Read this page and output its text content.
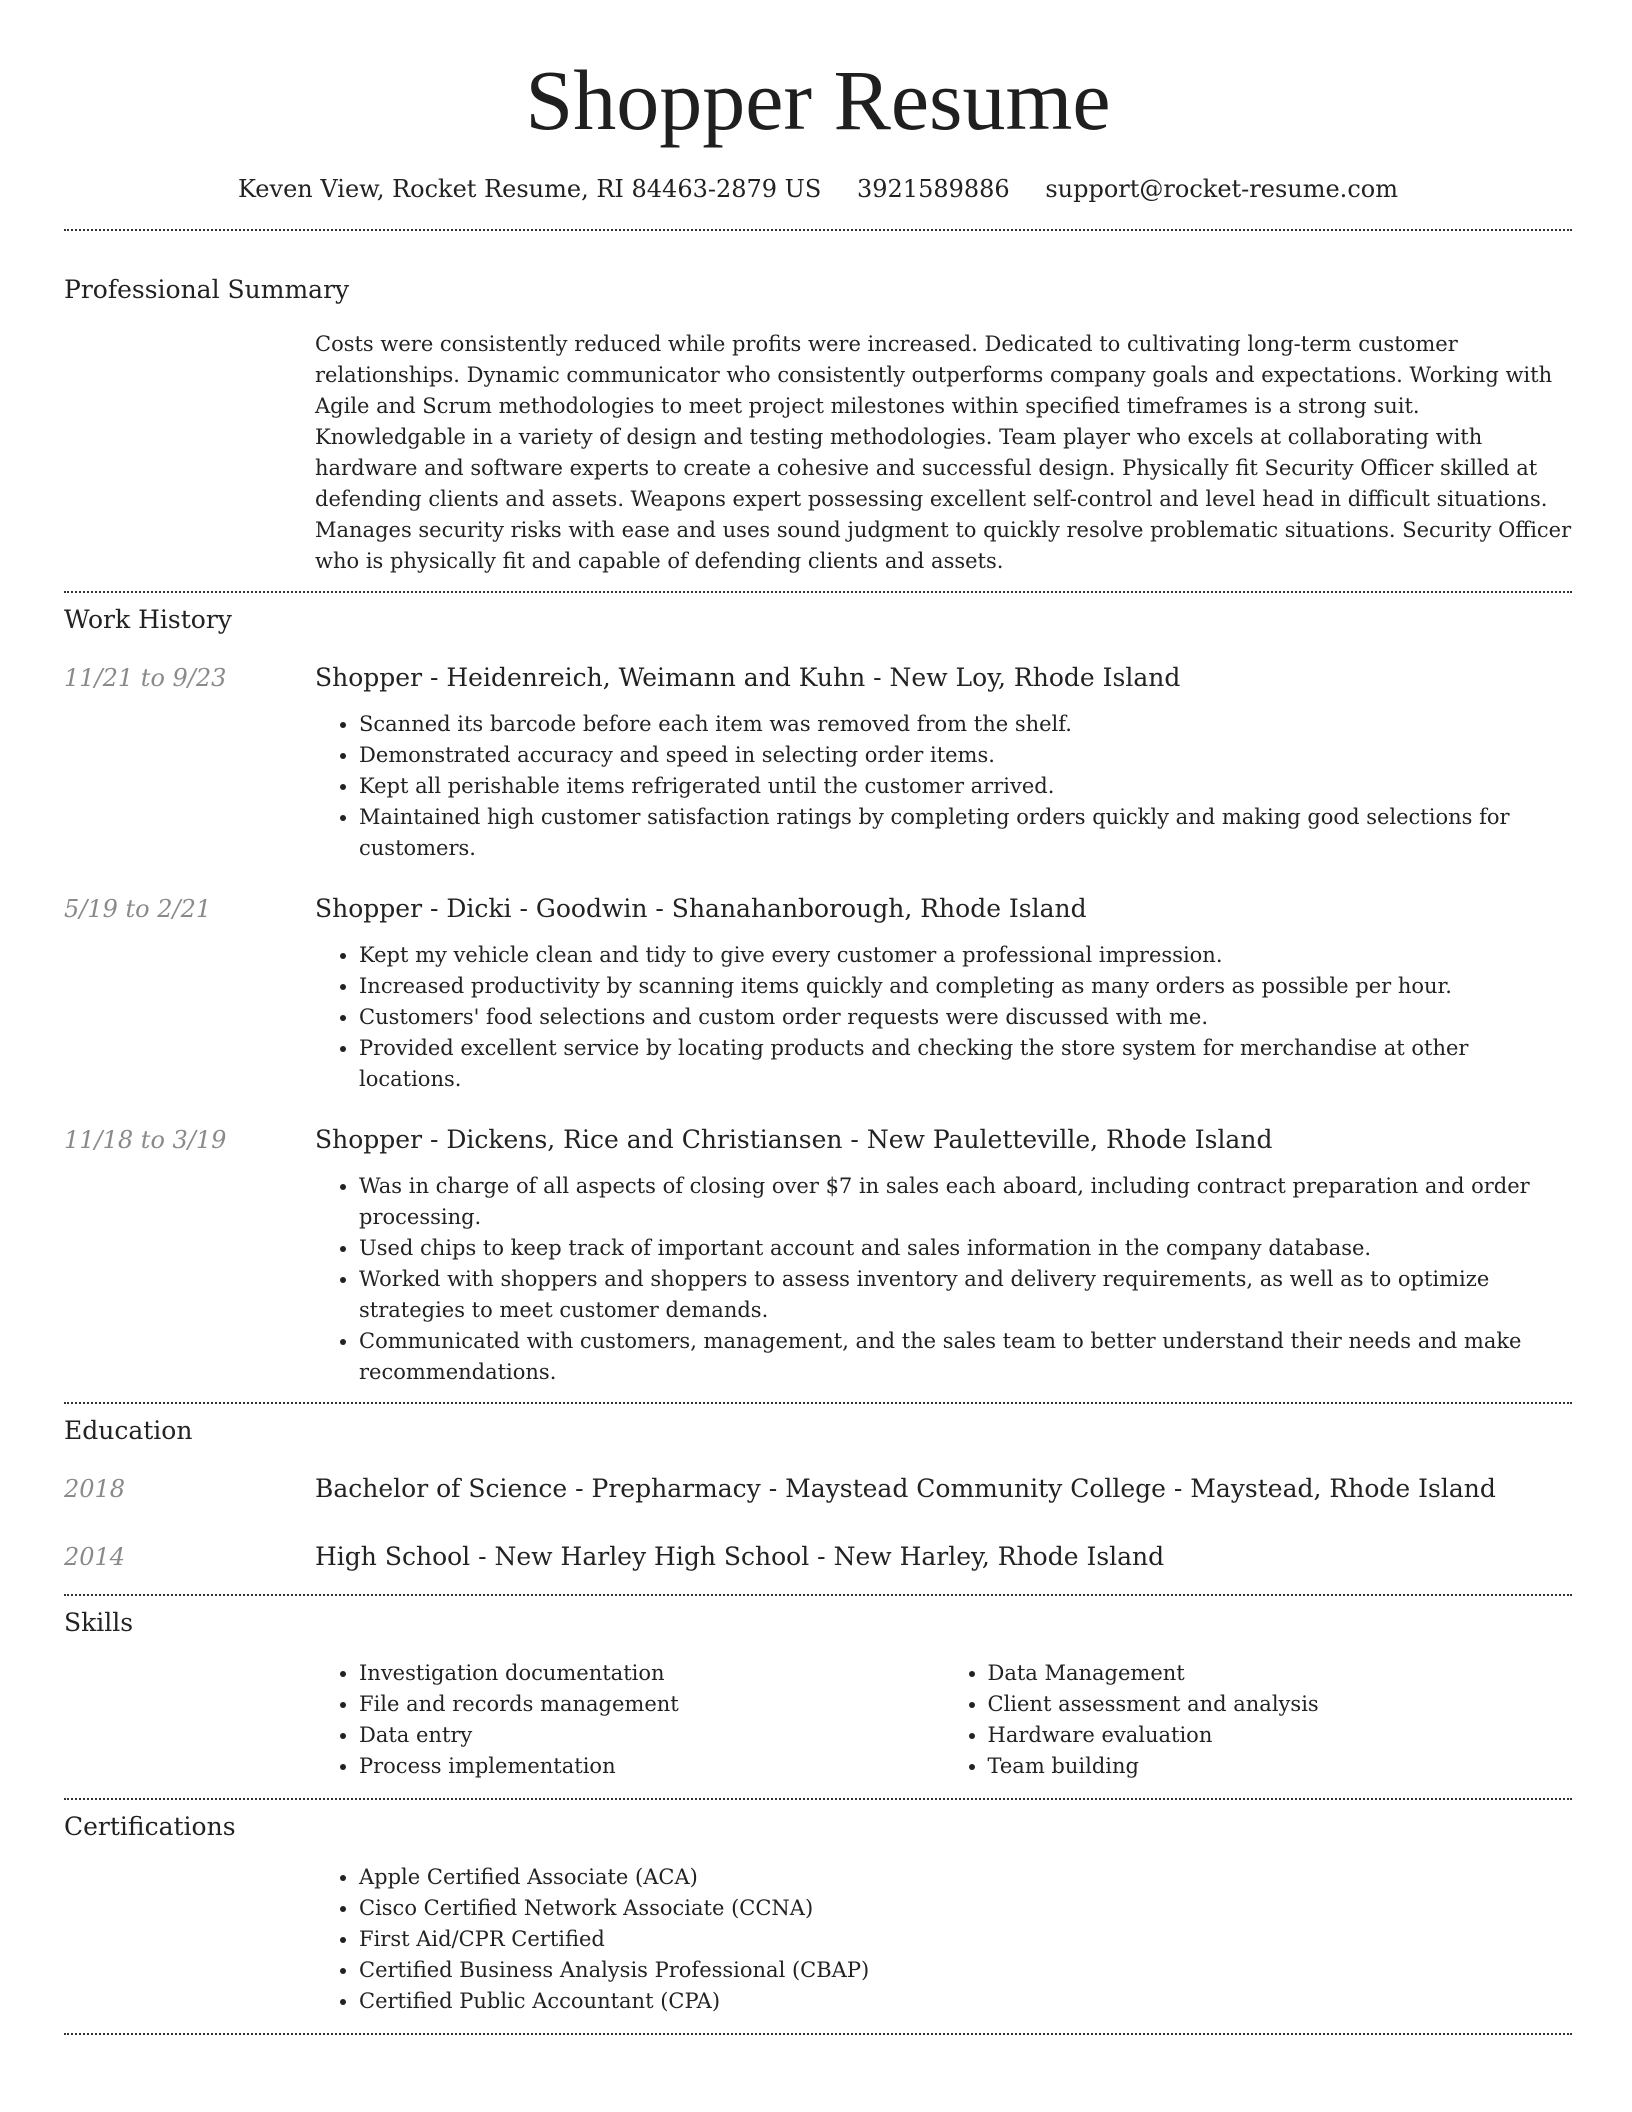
Shopper Resume
Keven View, Rocket Resume, RI 84463-2879 US 3921589886 support@rocket-resume.com
Professional Summary

Costs were consistently reduced while profits were increased. Dedicated to cultivating long-term customer relationships. Dynamic communicator who consistently outperforms company goals and expectations. Working with Agile and Scrum methodologies to meet project milestones within specified timeframes is a strong suit. Knowledgable in a variety of design and testing methodologies. Team player who excels at collaborating with hardware and software experts to create a cohesive and successful design. Physically fit Security Officer skilled at defending clients and assets. Weapons expert possessing excellent self-control and level head in difficult situations. Manages security risks with ease and uses sound judgment to quickly resolve problematic situations. Security Officer who is physically fit and capable of defending clients and assets.

Work History
11/21 to 9/23	Shopper - Heidenreich, Weimann and Kuhn - New Loy, Rhode Island
• Scanned its barcode before each item was removed from the shelf.
• Demonstrated accuracy and speed in selecting order items.
• Kept all perishable items refrigerated until the customer arrived.
• Maintained high customer satisfaction ratings by completing orders quickly and making good selections for customers.
5/19 to 2/21	Shopper - Dicki - Goodwin - Shanahanborough, Rhode Island
• Kept my vehicle clean and tidy to give every customer a professional impression.
• Increased productivity by scanning items quickly and completing as many orders as possible per hour.
• Customers' food selections and custom order requests were discussed with me.
• Provided excellent service by locating products and checking the store system for merchandise at other locations.
11/18 to 3/19	Shopper - Dickens, Rice and Christiansen - New Pauletteville, Rhode Island
• Was in charge of all aspects of closing over $7 in sales each aboard, including contract preparation and order processing.
• Used chips to keep track of important account and sales information in the company database.
• Worked with shoppers and shoppers to assess inventory and delivery requirements, as well as to optimize strategies to meet customer demands.
• Communicated with customers, management, and the sales team to better understand their needs and make recommendations.
Education
2018	Bachelor of Science - Prepharmacy - Maystead Community College - Maystead, Rhode Island
2014	High School - New Harley High School - New Harley, Rhode Island
Skills
• Investigation documentation
• File and records management
• Data entry
• Process implementation
• Data Management
• Client assessment and analysis
• Hardware evaluation
• Team building
Certifications
• Apple Certified Associate (ACA)
• Cisco Certified Network Associate (CCNA)
• First Aid/CPR Certified
• Certified Business Analysis Professional (CBAP)
• Certified Public Accountant (CPA)
